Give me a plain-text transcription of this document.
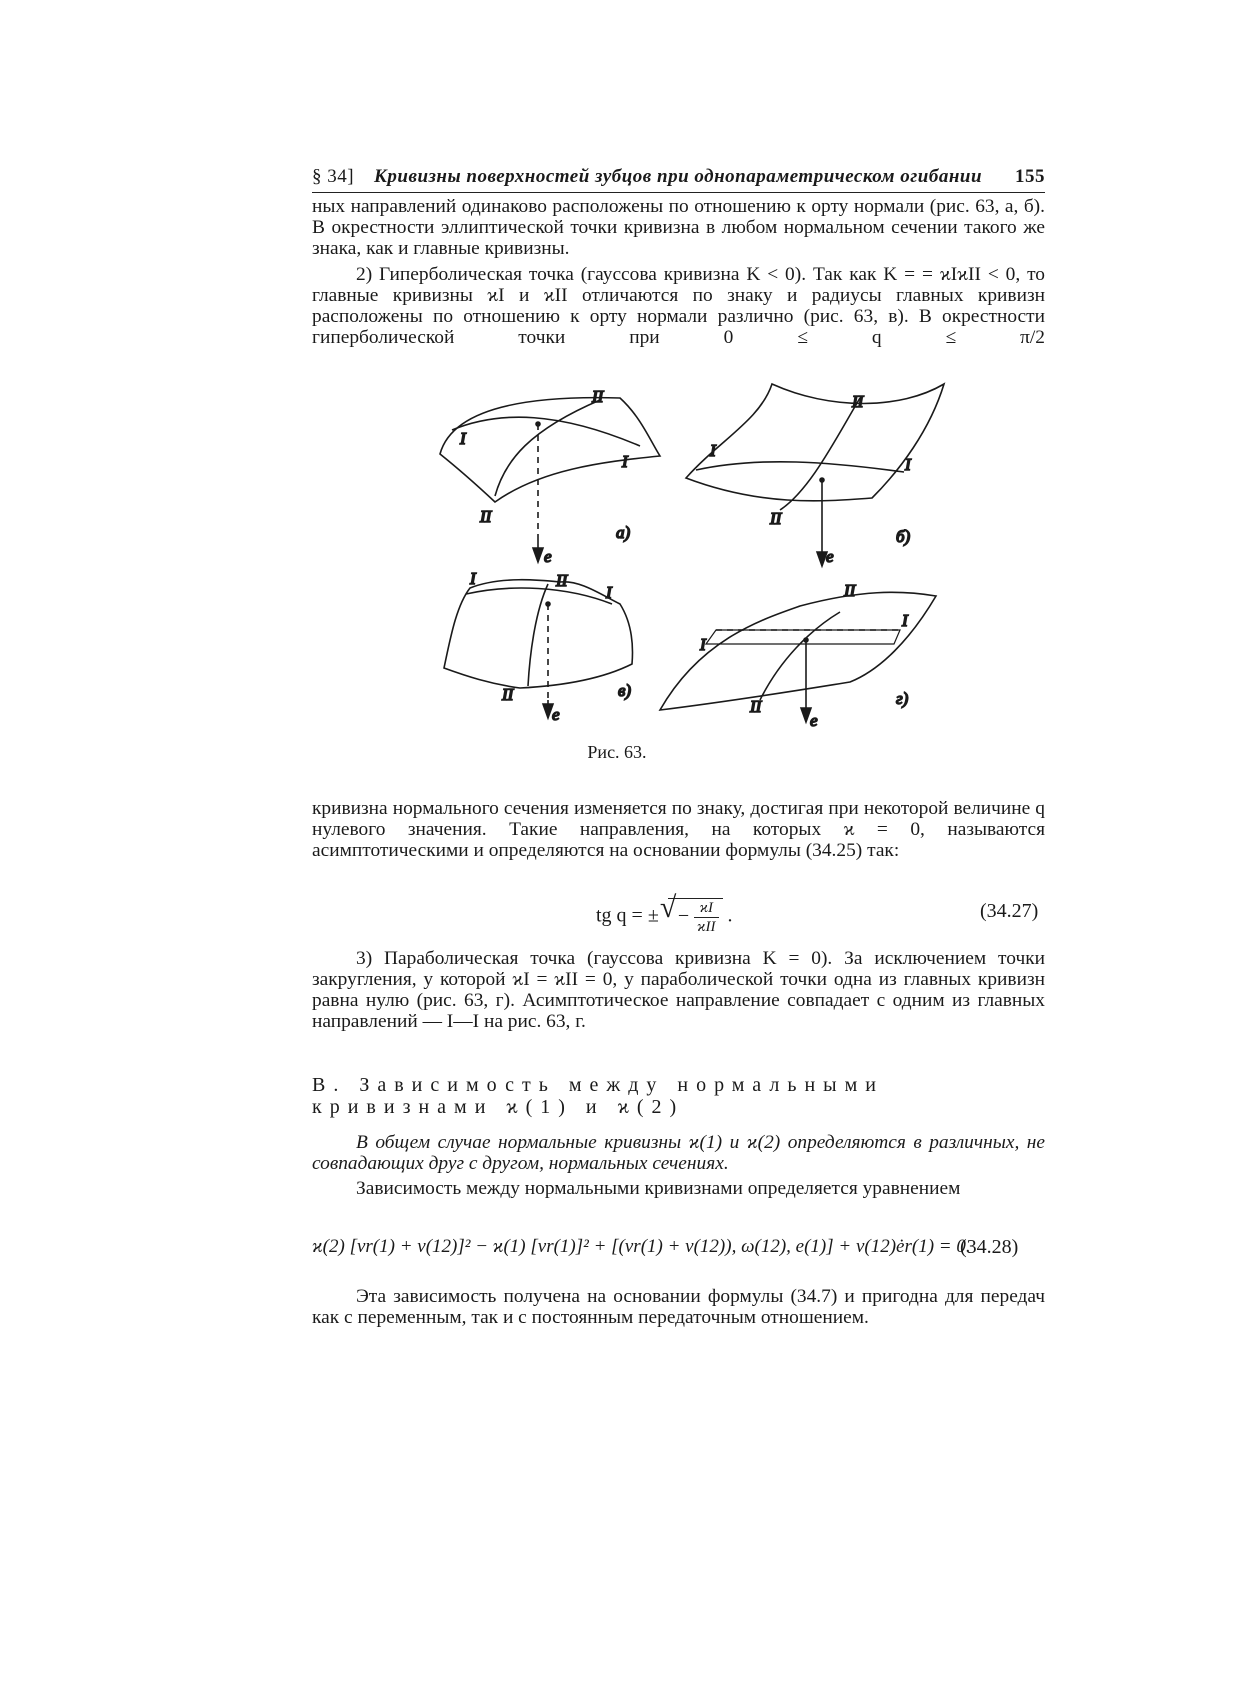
§ 34] Кривизны поверхностей зубцов при однопараметрическом огибании 155
ных направлений одинаково расположены по отношению к орту нормали (рис. 63, а, б). В окрестности эллиптической точки кривизна в любом нормальном сечении такого же знака, как и главные кривизны.
2) Гиперболическая точка (гауссова кривизна K < 0). Так как K = = ϰIϰII < 0, то главные кривизны ϰI и ϰII отличаются по знаку и радиусы главных кривизн расположены по отношению к орту нормали различно (рис. 63, в). В окрестности гиперболической точки при 0 ≤ q ≤ π/2
I
I
II
II
e
а)
I
I
II
II
e
б)
I
I
II
II
e
в)
I
I
II
II
e
г)
Рис. 63.
кривизна нормального сечения изменяется по знаку, достигая при некоторой величине q нулевого значения. Такие направления, на которых ϰ = 0, называются асимптотическими и определяются на основании формулы (34.25) так:
tg q = ± √ − ϰI
ϰII
.	(34.27)
3) Параболическая точка (гауссова кривизна K = 0). За исключением точки закругления, у которой ϰI = ϰII = 0, у параболической точки одна из главных кривизн равна нулю (рис. 63, г). Асимптотическое направление совпадает с одним из главных направлений — I—I на рис. 63, г.
В. Зависимость между нормальными
кривизнами ϰ(1) и ϰ(2)
В общем случае нормальные кривизны ϰ(1) и ϰ(2) определяются в различных, не совпадающих друг с другом, нормальных сечениях.
Зависимость между нормальными кривизнами определяется уравнением
ϰ(2) [vr(1) + v(12)]² − ϰ(1) [vr(1)]² + [(vr(1) + v(12)), ω(12), e(1)] + v(12)ėr(1) = 0.
(34.28)
Эта зависимость получена на основании формулы (34.7) и пригодна для передач как с переменным, так и с постоянным передаточным отношением.
